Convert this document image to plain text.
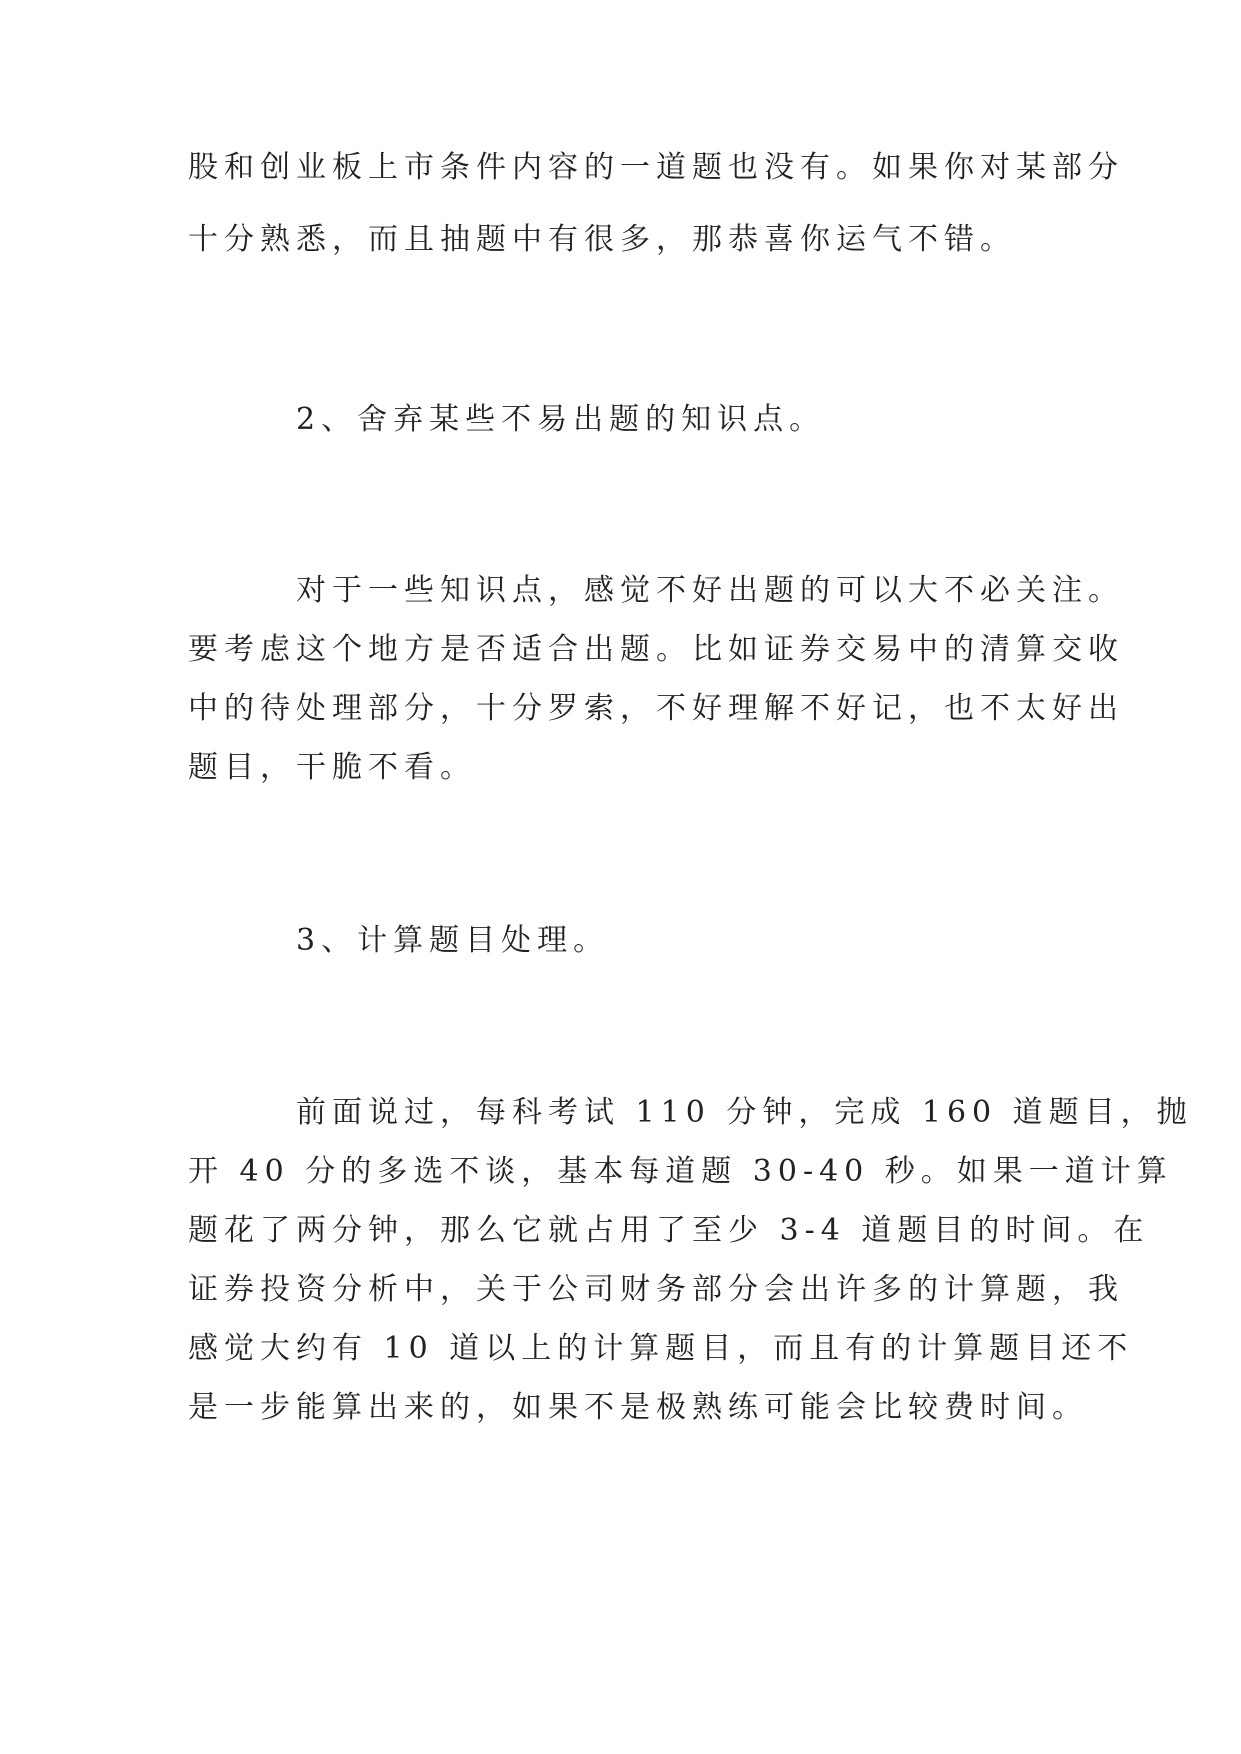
股和创业板上市条件内容的一道题也没有。如果你对某部分
十分熟悉，而且抽题中有很多，那恭喜你运气不错。
2、舍弃某些不易出题的知识点。
对于一些知识点，感觉不好出题的可以大不必关注。
要考虑这个地方是否适合出题。比如证券交易中的清算交收
中的待处理部分，十分罗索，不好理解不好记，也不太好出
题目，干脆不看。
3、计算题目处理。
前面说过，每科考试 110 分钟，完成 160 道题目，抛
开 40 分的多选不谈，基本每道题 30-40 秒。如果一道计算
题花了两分钟，那么它就占用了至少 3-4 道题目的时间。在
证券投资分析中，关于公司财务部分会出许多的计算题，我
感觉大约有 10 道以上的计算题目，而且有的计算题目还不
是一步能算出来的，如果不是极熟练可能会比较费时间。
